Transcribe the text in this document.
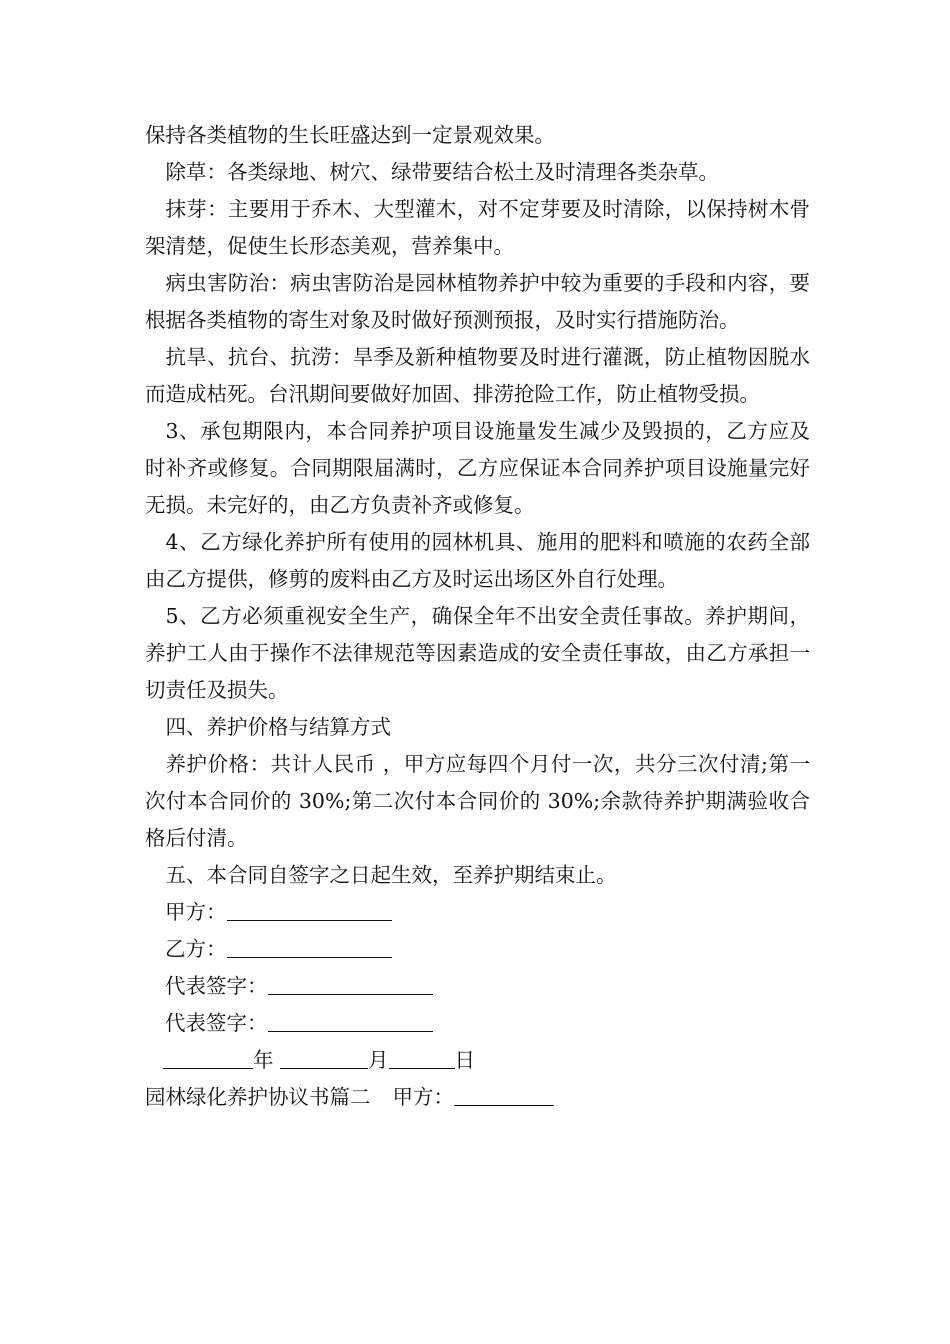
保持各类植物的生长旺盛达到一定景观效果。

除草：各类绿地、树穴、绿带要结合松土及时清理各类杂草。

抹芽：主要用于乔木、大型灌木，对不定芽要及时清除，以保持树木骨架清楚，促使生长形态美观，营养集中。

病虫害防治：病虫害防治是园林植物养护中较为重要的手段和内容，要根据各类植物的寄生对象及时做好预测预报，及时实行措施防治。

抗旱、抗台、抗涝：旱季及新种植物要及时进行灌溉，防止植物因脱水而造成枯死。台汛期间要做好加固、排涝抢险工作，防止植物受损。

3、承包期限内，本合同养护项目设施量发生减少及毁损的，乙方应及时补齐或修复。合同期限届满时，乙方应保证本合同养护项目设施量完好无损。未完好的，由乙方负责补齐或修复。

4、乙方绿化养护所有使用的园林机具、施用的肥料和喷施的农药全部由乙方提供，修剪的废料由乙方及时运出场区外自行处理。

5、乙方必须重视安全生产，确保全年不出安全责任事故。养护期间，养护工人由于操作不法律规范等因素造成的安全责任事故，由乙方承担一切责任及损失。

四、养护价格与结算方式

养护价格：共计人民币 ，甲方应每四个月付一次，共分三次付清;第一次付本合同价的 30%;第二次付本合同价的 30%;余款待养护期满验收合格后付清。

五、本合同自签字之日起生效，至养护期结束止。

甲方：

乙方：

代表签字：

代表签字：

年	月	日

园林绿化养护协议书篇二 甲方：
